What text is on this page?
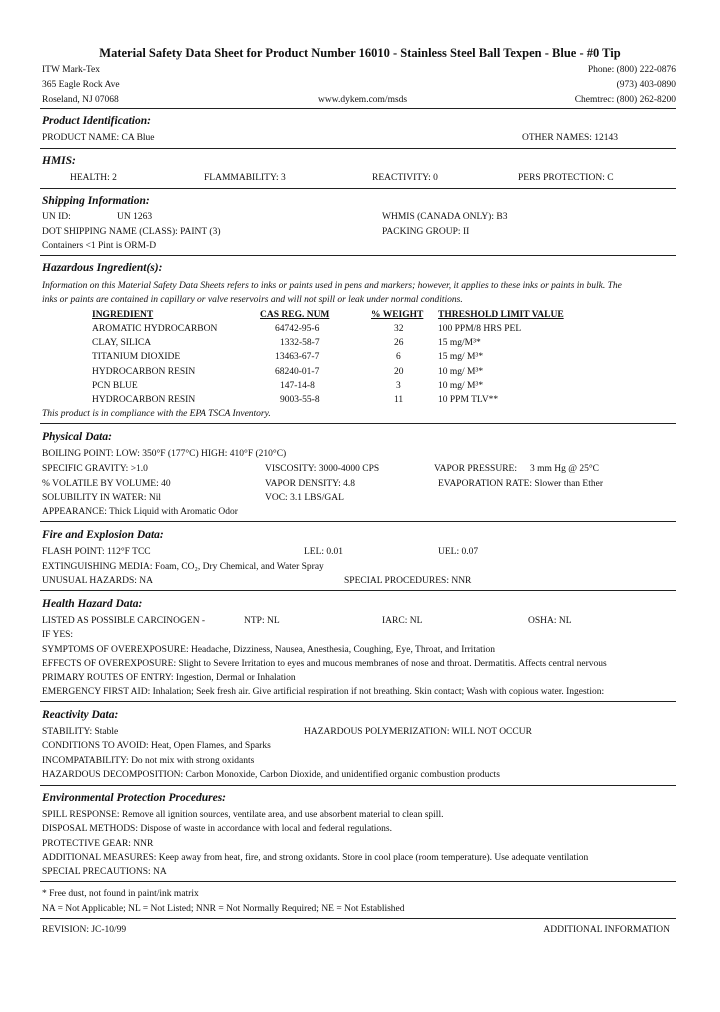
Material Safety Data Sheet for Product Number 16010 - Stainless Steel Ball Texpen - Blue - #0 Tip
ITW Mark-Tex
365 Eagle Rock Ave
Roseland, NJ 07068	www.dykem.com/msds
Phone: (800) 222-0876
(973) 403-0890
Chemtrec: (800) 262-8200
Product Identification:
PRODUCT NAME: CA Blue	OTHER NAMES: 12143
HMIS:
HEALTH: 2	FLAMMABILITY: 3	REACTIVITY: 0	PERS PROTECTION: C
Shipping Information:
UN ID:	UN 1263	WHMIS (CANADA ONLY): B3
DOT SHIPPING NAME (CLASS): PAINT (3)	PACKING GROUP: II
Containers <1 Pint is ORM-D
Hazardous Ingredient(s):
Information on this Material Safety Data Sheets refers to inks or paints used in pens and markers; however, it applies to these inks or paints in bulk. The
inks or paints are contained in capillary or valve reservoirs and will not spill or leak under normal conditions.
INGREDIENT	CAS REG. NUM	% WEIGHT THRESHOLD LIMIT VALUE
AROMATIC HYDROCARBON	64742-95-6	32	100 PPM/8 HRS PEL
CLAY, SILICA	1332-58-7	26	15 mg/M³*
TITANIUM DIOXIDE	13463-67-7	6	15 mg/ M³*
HYDROCARBON RESIN	68240-01-7	20	10 mg/ M³*
PCN BLUE	147-14-8	3	10 mg/ M³*
HYDROCARBON RESIN	9003-55-8	11	10 PPM TLV**
This product is in compliance with the EPA TSCA Inventory.
Physical Data:
BOILING POINT: LOW: 350°F (177°C) HIGH: 410°F (210°C)
SPECIFIC GRAVITY: >1.0	VISCOSITY: 3000-4000 CPS	VAPOR PRESSURE: 3 mm Hg @ 25°C
% VOLATILE BY VOLUME: 40	VAPOR DENSITY: 4.8	EVAPORATION RATE: Slower than Ether
SOLUBILITY IN WATER: Nil	VOC: 3.1 LBS/GAL
APPEARANCE: Thick Liquid with Aromatic Odor
Fire and Explosion Data:
FLASH POINT: 112°F TCC	LEL: 0.01	UEL: 0.07
EXTINGUISHING MEDIA: Foam, CO₂, Dry Chemical, and Water Spray
UNUSUAL HAZARDS: NA	SPECIAL PROCEDURES: NNR
Health Hazard Data:
LISTED AS POSSIBLE CARCINOGEN -	NTP: NL	IARC: NL	OSHA: NL
IF YES:
SYMPTOMS OF OVEREXPOSURE: Headache, Dizziness, Nausea, Anesthesia, Coughing, Eye, Throat, and Irritation
EFFECTS OF OVEREXPOSURE: Slight to Severe Irritation to eyes and mucous membranes of nose and throat. Dermatitis. Affects central nervous
PRIMARY ROUTES OF ENTRY: Ingestion, Dermal or Inhalation
EMERGENCY FIRST AID: Inhalation; Seek fresh air. Give artificial respiration if not breathing. Skin contact; Wash with copious water. Ingestion:
Reactivity Data:
STABILITY: Stable	HAZARDOUS POLYMERIZATION: WILL NOT OCCUR
CONDITIONS TO AVOID: Heat, Open Flames, and Sparks
INCOMPATABILITY: Do not mix with strong oxidants
HAZARDOUS DECOMPOSITION: Carbon Monoxide, Carbon Dioxide, and unidentified organic combustion products
Environmental Protection Procedures:
SPILL RESPONSE: Remove all ignition sources, ventilate area, and use absorbent material to clean spill.
DISPOSAL METHODS: Dispose of waste in accordance with local and federal regulations.
PROTECTIVE GEAR: NNR
ADDITIONAL MEASURES: Keep away from heat, fire, and strong oxidants. Store in cool place (room temperature). Use adequate ventilation
SPECIAL PRECAUTIONS: NA
* Free dust, not found in paint/ink matrix
NA = Not Applicable; NL = Not Listed; NNR = Not Normally Required; NE = Not Established
REVISION: JC-10/99	ADDITIONAL INFORMATION
